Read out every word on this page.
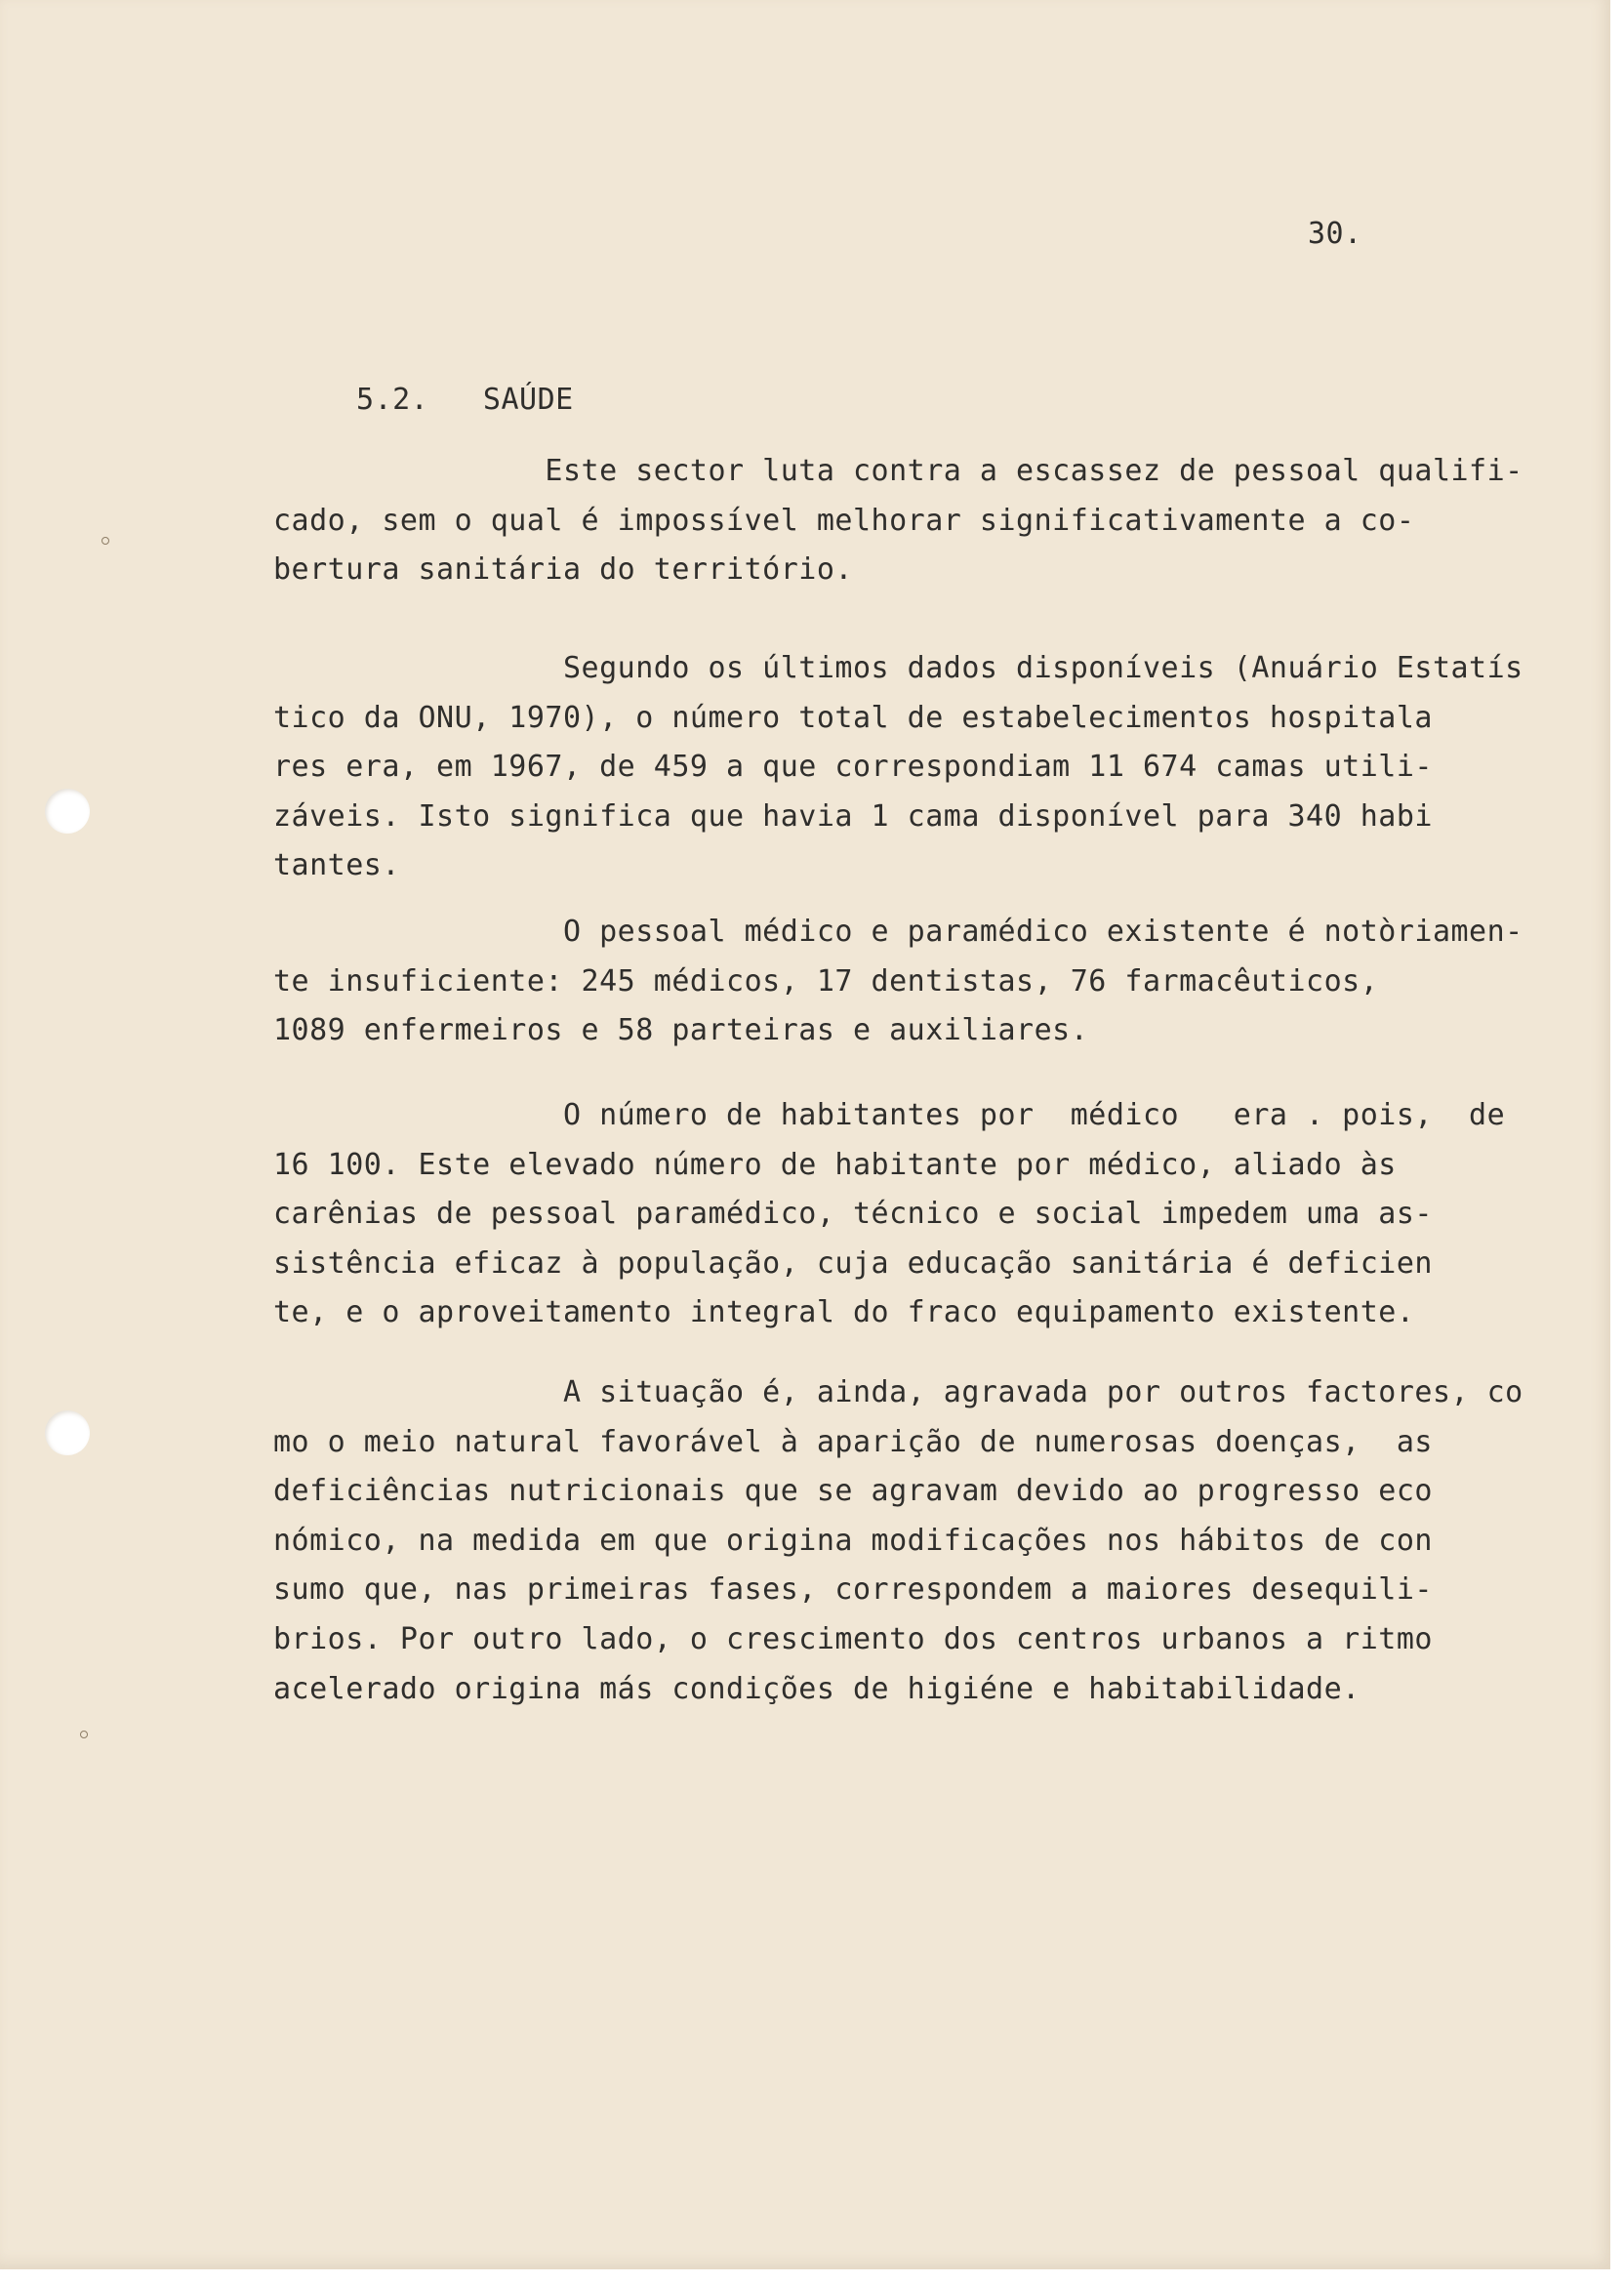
30.
5.2.   SAÚDE
Este sector luta contra a escassez de pessoal qualifi-
cado, sem o qual é impossível melhorar significativamente a co-
bertura sanitária do território.
Segundo os últimos dados disponíveis (Anuário Estatís
tico da ONU, 1970), o número total de estabelecimentos hospitala
res era, em 1967, de 459 a que correspondiam 11 674 camas utili-
záveis. Isto significa que havia 1 cama disponível para 340 habi
tantes.
O pessoal médico e paramédico existente é notòriamen-
te insuficiente: 245 médicos, 17 dentistas, 76 farmacêuticos,
1089 enfermeiros e 58 parteiras e auxiliares.
O número de habitantes por  médico   era . pois,  de
16 100. Este elevado número de habitante por médico, aliado às
carênias de pessoal paramédico, técnico e social impedem uma as-
sistência eficaz à população, cuja educação sanitária é deficien
te, e o aproveitamento integral do fraco equipamento existente.
A situação é, ainda, agravada por outros factores, co
mo o meio natural favorável à aparição de numerosas doenças,  as
deficiências nutricionais que se agravam devido ao progresso eco
nómico, na medida em que origina modificações nos hábitos de con
sumo que, nas primeiras fases, correspondem a maiores desequili-
brios. Por outro lado, o crescimento dos centros urbanos a ritmo
acelerado origina más condições de higiéne e habitabilidade.
